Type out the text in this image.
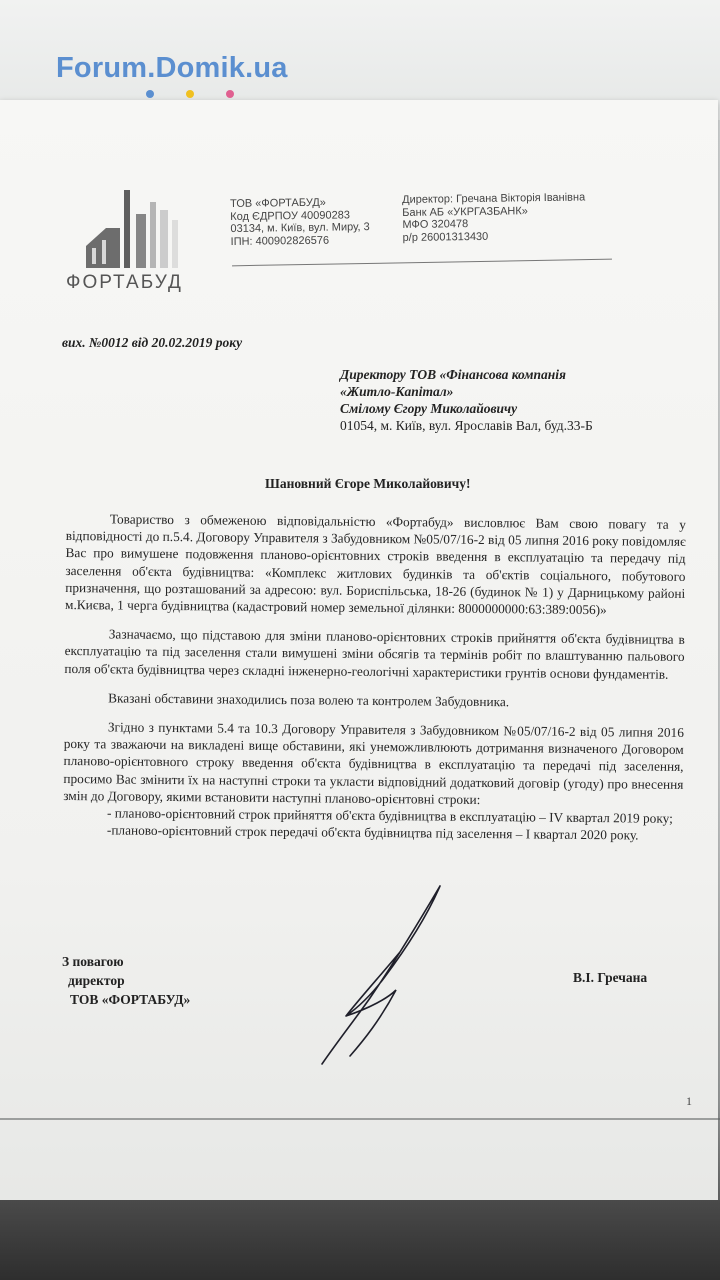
Forum.Domik.ua
ФОРТАБУД
ТОВ «ФОРТАБУД»
Код ЄДРПОУ 40090283
03134, м. Київ, вул. Миру, 3
ІПН: 400902826576
Директор: Гречана Вікторія Іванівна
Банк АБ «УКРГАЗБАНК»
МФО 320478
р/р 26001313430
вих. №0012 від 20.02.2019 року
Директору ТОВ «Фінансова компанія
«Житло-Капітал»
Смілому Єгору Миколайовичу
01054, м. Київ, вул. Ярославів Вал, буд.33-Б
Шановний Єгоре Миколайовичу!

Товариство з обмеженою відповідальністю «Фортабуд» висловлює Вам свою повагу та у відповідності до п.5.4. Договору Управителя з Забудовником №05/07/16-2 від 05 липня 2016 року повідомляє Вас про вимушене подовження планово-орієнтовних строків введення в експлуатацію та передачу під заселення об'єкта будівництва: «Комплекс житлових будинків та об'єктів соціального, побутового призначення, що розташований за адресою: вул. Бориспільська, 18-26 (будинок № 1) у Дарницькому районі м.Києва, 1 черга будівництва (кадастровий номер земельної ділянки: 8000000000:63:389:0056)»

Зазначаємо, що підставою для зміни планово-орієнтовних строків прийняття об'єкта будівництва в експлуатацію та під заселення стали вимушені зміни обсягів та термінів робіт по влаштуванню пальового поля об'єкта будівництва через складні інженерно-геологічні характеристики грунтів основи фундаментів.

Вказані обставини знаходились поза волею та контролем Забудовника.

Згідно з пунктами 5.4 та 10.3 Договору Управителя з Забудовником №05/07/16-2 від 05 липня 2016 року та зважаючи на викладені вище обставини, які унеможливлюють дотримання визначеного Договором планово-орієнтовного строку введення об'єкта будівництва в експлуатацію та передачі під заселення, просимо Вас змінити їх на наступні строки та укласти відповідний додатковий договір (угоду) про внесення змін до Договору, якими встановити наступні планово-орієнтовні строки:

- планово-орієнтовний строк прийняття об'єкта будівництва в експлуатацію – IV квартал 2019 року;

-планово-орієнтовний строк передачі об'єкта будівництва під заселення – I квартал 2020 року.

З повагою
директор
ТОВ «ФОРТАБУД»
В.І. Гречана
1
